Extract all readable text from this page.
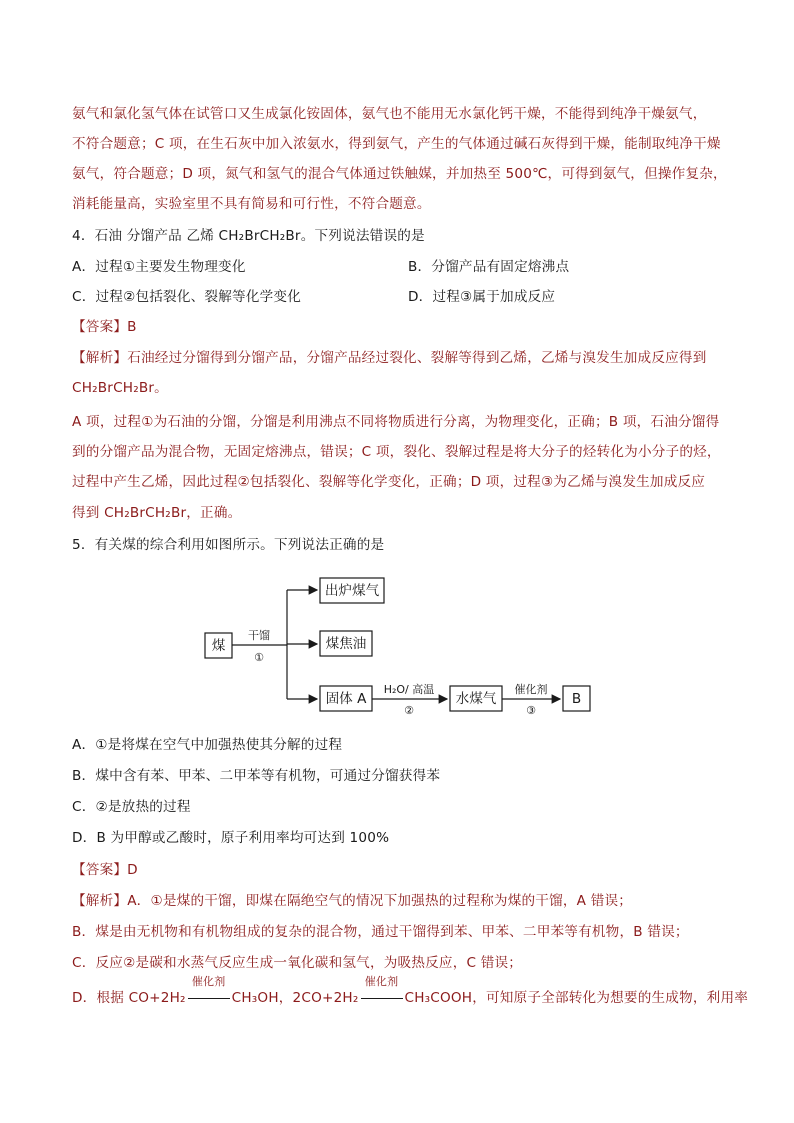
氨气和氯化氢气体在试管口又生成氯化铵固体，氨气也不能用无水氯化钙干燥，不能得到纯净干燥氨气，
不符合题意；C 项，在生石灰中加入浓氨水，得到氨气，产生的气体通过碱石灰得到干燥，能制取纯净干燥
氨气，符合题意；D 项，氮气和氢气的混合气体通过铁触媒，并加热至 500℃，可得到氨气，但操作复杂，
消耗能量高，实验室里不具有简易和可行性，不符合题意。
4．石油 分馏产品 乙烯 CH₂BrCH₂Br。下列说法错误的是
A．过程①主要发生物理变化	B．分馏产品有固定熔沸点
C．过程②包括裂化、裂解等化学变化	D．过程③属于加成反应
【答案】B
【解析】石油经过分馏得到分馏产品，分馏产品经过裂化、裂解等得到乙烯，乙烯与溴发生加成反应得到
CH₂BrCH₂Br。
A 项，过程①为石油的分馏，分馏是利用沸点不同将物质进行分离，为物理变化，正确；B 项，石油分馏得
到的分馏产品为混合物，无固定熔沸点，错误；C 项，裂化、裂解过程是将大分子的烃转化为小分子的烃，
过程中产生乙烯，因此过程②包括裂化、裂解等化学变化，正确；D 项，过程③为乙烯与溴发生加成反应
得到 CH₂BrCH₂Br，正确。
5．有关煤的综合利用如图所示。下列说法正确的是
煤
出炉煤气
煤焦油
固体 A	水煤气	B
干馏
①
H₂O/ 高温
②
催化剂
③
A．①是将煤在空气中加强热使其分解的过程
B．煤中含有苯、甲苯、二甲苯等有机物，可通过分馏获得苯
C．②是放热的过程
D．B 为甲醇或乙酸时，原子利用率均可达到 100%
【答案】D
【解析】A．①是煤的干馏，即煤在隔绝空气的情况下加强热的过程称为煤的干馏，A 错误；
B．煤是由无机物和有机物组成的复杂的混合物，通过干馏得到苯、甲苯、二甲苯等有机物，B 错误；
C．反应②是碳和水蒸气反应生成一氧化碳和氢气，为吸热反应，C 错误；
D．根据 CO+2H₂
催化剂
CH₃OH，2CO+2H₂
催化剂
CH₃COOH，可知原子全部转化为想要的生成物，利用率
